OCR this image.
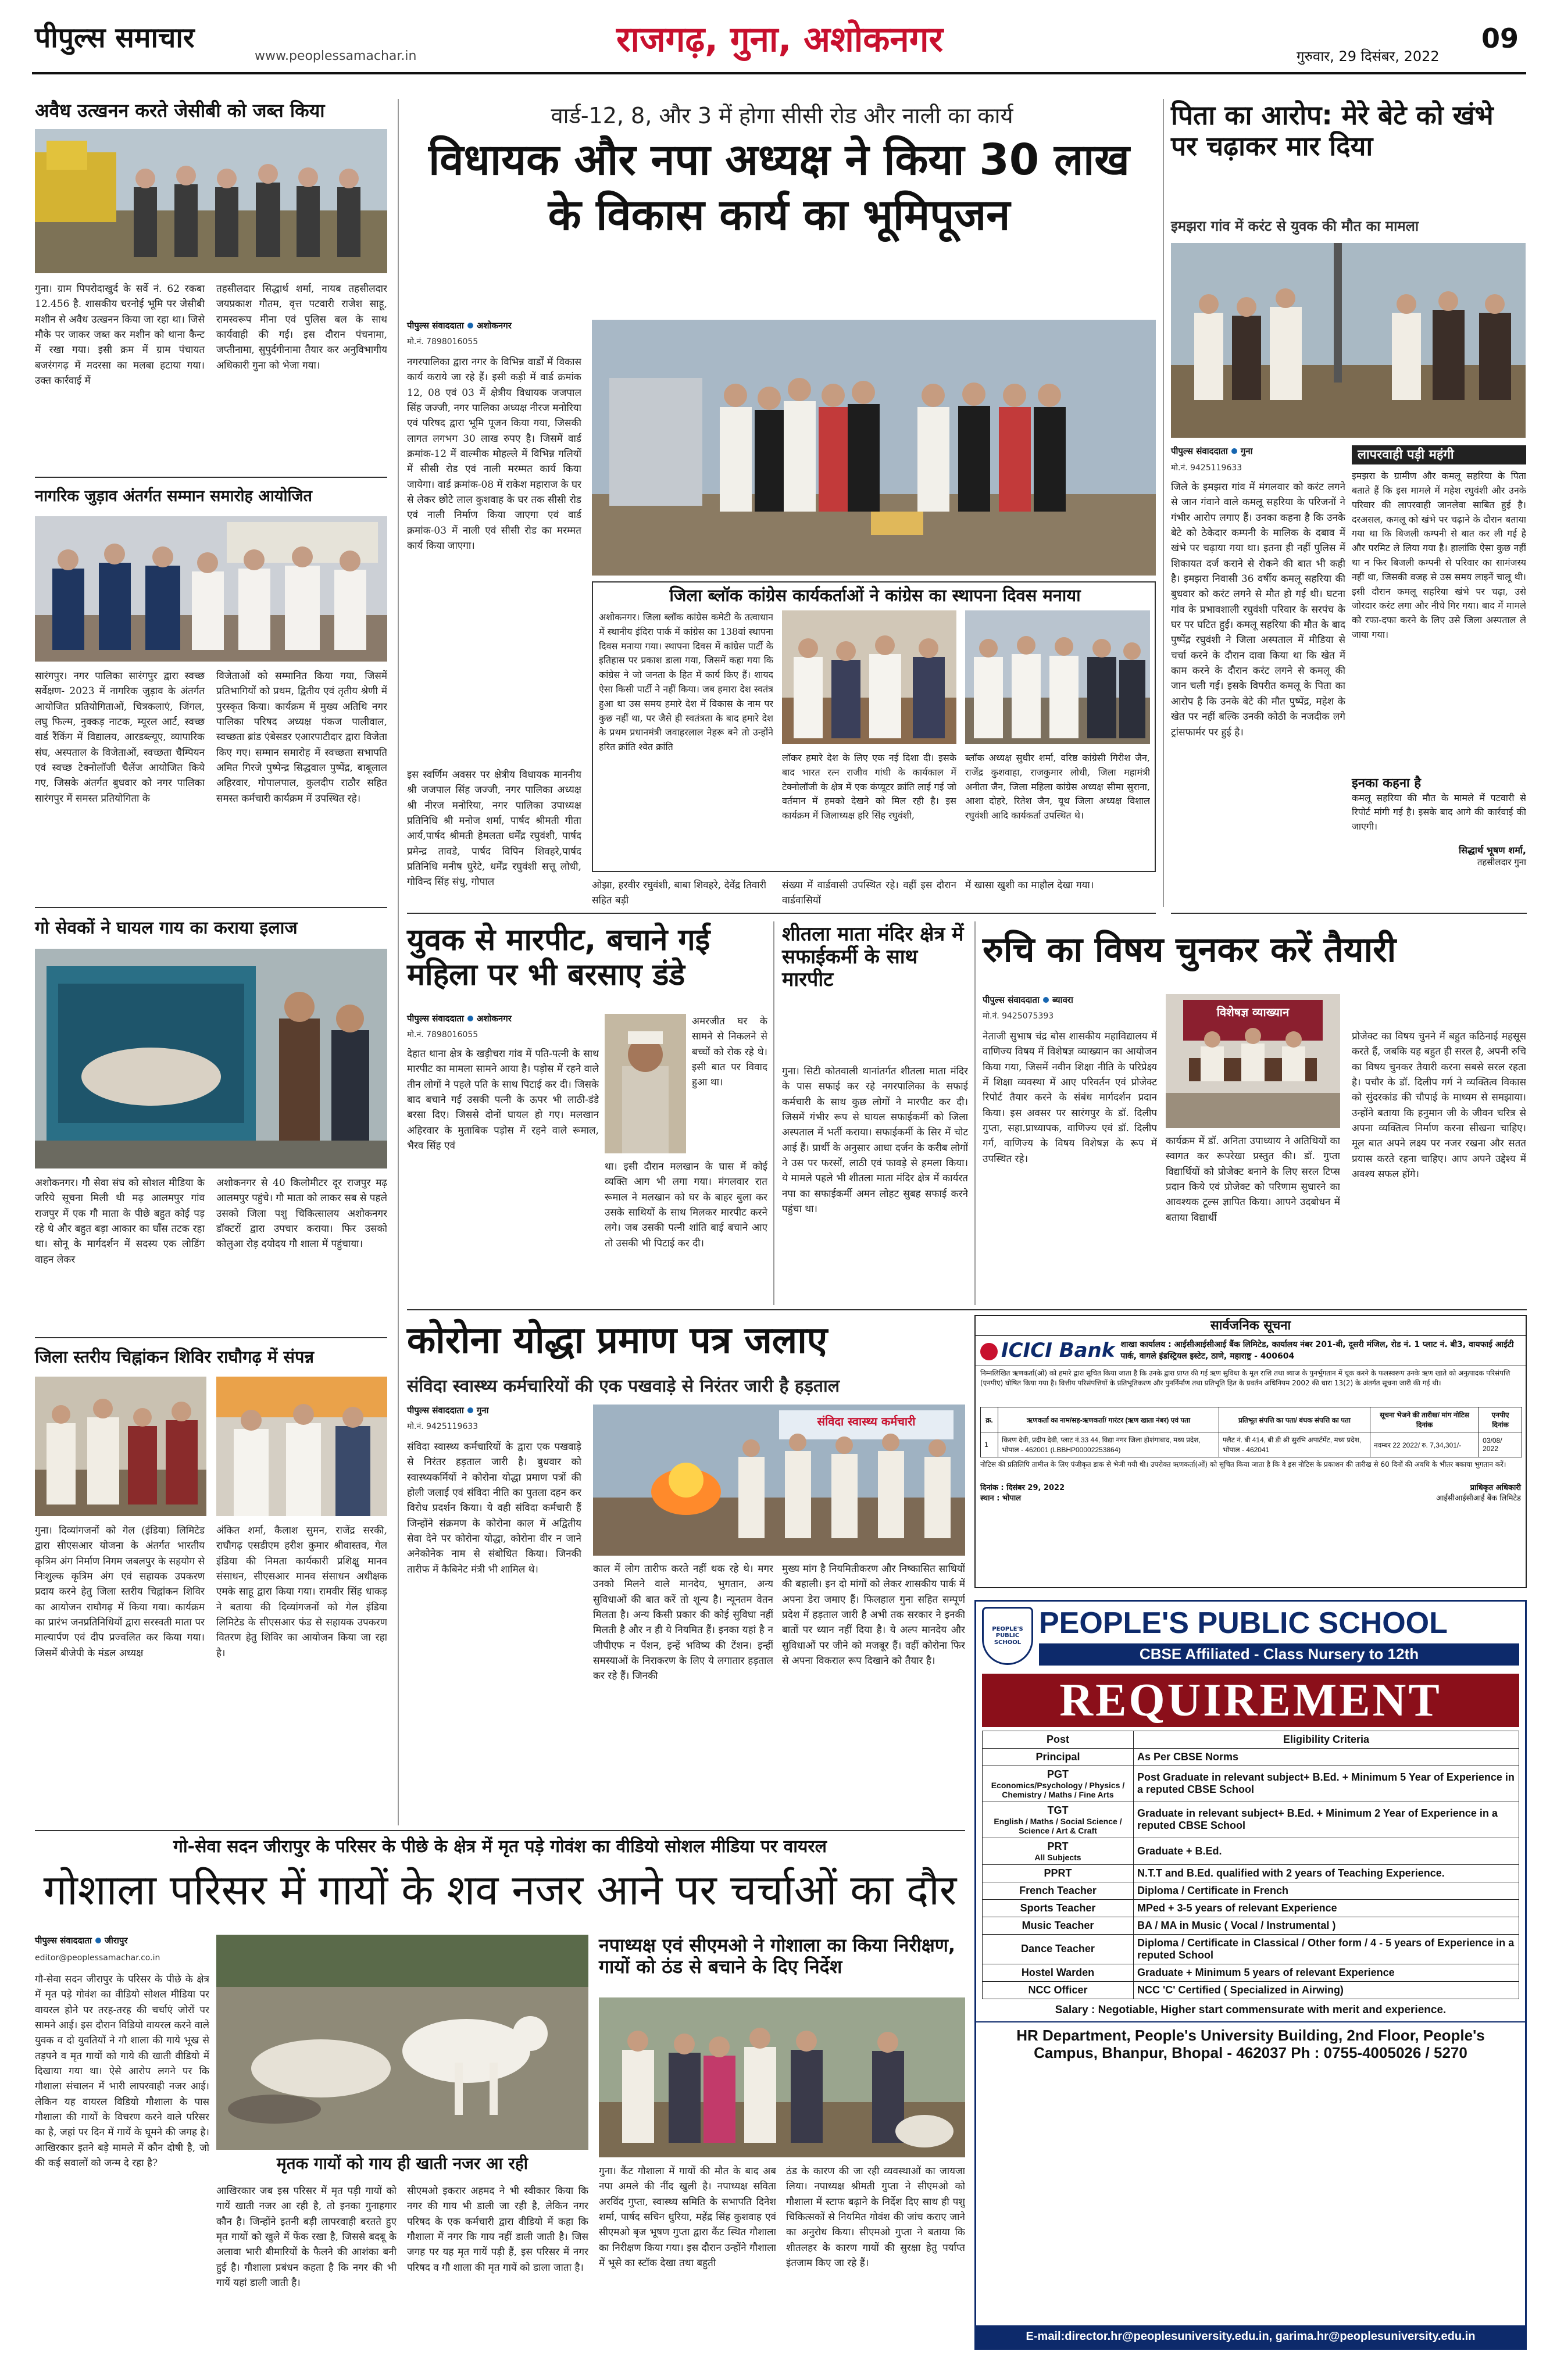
पीपुल्स समाचार
www.peoplessamachar.in	राजगढ़, गुना, अशोकनगर	गुरुवार, 29 दिसंबर, 2022
09
अवैध उत्खनन करते जेसीबी को जब्त किया
गुना। ग्राम पिपरोदाखुर्द के सर्वे नं. 62 रकबा 12.456 है. शासकीय चरनोई भूमि पर जेसीबी मशीन से अवैध उत्खनन किया जा रहा था। जिसे मौके पर जाकर जब्त कर मशीन को थाना कैन्ट में रखा गया। इसी क्रम में ग्राम पंचायत बजरंगगढ़ में मदरसा का मलबा हटाया गया। उक्त कार्रवाई में
तहसीलदार सिद्धार्थ शर्मा, नायब तहसीलदार जयप्रकाश गौतम, वृत्त पटवारी राजेश साहू, रामस्वरूप मीना एवं पुलिस बल के साथ कार्यवाही की गई। इस दौरान पंचनामा, जप्तीनामा, सुपुर्दगीनामा तैयार कर अनुविभागीय अधिकारी गुना को भेजा गया।
नागरिक जुड़ाव अंतर्गत सम्मान समारोह आयोजित
सारंगपुर। नगर पालिका सारंगपुर द्वारा स्वच्छ सर्वेक्षण- 2023 में नागरिक जुड़ाव के अंतर्गत आयोजित प्रतियोगिताओं, चित्रकलाएं, जिंगल, लघु फिल्म, नुक्कड़ नाटक, म्यूरल आर्ट, स्वच्छ वार्ड रैंकिंग में विद्यालय, आरडब्ल्यूए, व्यापारिक संघ, अस्पताल के विजेताओं, स्वच्छता चैम्पियन एवं स्वच्छ टेक्नोलॉजी चैलेंज आयोजित किये गए, जिसके अंतर्गत बुधवार को नगर पालिका सारंगपुर में समस्त प्रतियोगिता के
विजेताओं को सम्मानित किया गया, जिसमें प्रतिभागियों को प्रथम, द्वितीय एवं तृतीय श्रेणी में पुरस्कृत किया। कार्यक्रम में मुख्य अतिथि नगर पालिका परिषद अध्यक्ष पंकज पालीवाल, स्वच्छता ब्रांड एंबेसडर एआरपाटीदार द्वारा विजेता किए गए। सम्मान समारोह में स्वच्छता सभापति अमित गिरजे पुष्पेन्द्र सिद्धवाल पुष्पेंद्र, बाबूलाल अहिरवार, गोपालपाल, कुलदीप राठौर सहित समस्त कर्मचारी कार्यक्रम में उपस्थित रहे।
गो सेवकों ने घायल गाय का कराया इलाज
अशोकनगर। गौ सेवा संघ को सोशल मीडिया के जरिये सूचना मिली थी मढ़ आलमपुर गांव राजपुर में एक गौ माता के पीछे बहुत कोई पड़ रहे थे और बहुत बड़ा आकार का घाँस तटक रहा था। सोनू के मार्गदर्शन में सदस्य एक लोडिंग वाहन लेकर
अशोकनगर से 40 किलोमीटर दूर राजपुर मढ़ आलमपुर पहुंचे। गौ माता को लाकर सब से पहले उसको जिला पशु चिकित्सालय अशोकनगर डॉक्टरों द्वारा उपचार कराया। फिर उसको कोलुआ रोड़ दयोदय गौ शाला में पहुंचाया।
जिला स्तरीय चिह्नांकन शिविर राघौगढ़ में संपन्न
गुना। दिव्यांगजनों को गेल (इंडिया) लिमिटेड द्वारा सीएसआर योजना के अंतर्गत भारतीय कृत्रिम अंग निर्माण निगम जबलपुर के सहयोग से निःशुल्क कृत्रिम अंग एवं सहायक उपकरण प्रदाय करने हेतु जिला स्तरीय चिह्नांकन शिविर का आयोजन राघौगढ़ में किया गया। कार्यक्रम का प्रारंभ जनप्रतिनिधियों द्वारा सरस्वती माता पर माल्यार्पण एवं दीप प्रज्वलित कर किया गया। जिसमें बीजेपी के मंडल अध्यक्ष
अंकित शर्मा, कैलाश सुमन, राजेंद्र सरकी, राघौगढ़ एसडीएम हरीश कुमार श्रीवास्तव, गेल इंडिया की निमता कार्यकारी प्रशिक्षु मानव संसाधन, सीएसआर मानव संसाधन अधीक्षक एमके साहू द्वारा किया गया। रामवीर सिंह धाकड़ ने बताया की दिव्यांगजनों को गेल इंडिया लिमिटेड के सीएसआर फंड से सहायक उपकरण वितरण हेतु शिविर का आयोजन किया जा रहा है।
वार्ड-12, 8, और 3 में होगा सीसी रोड और नाली का कार्य
विधायक और नपा अध्यक्ष ने किया 30 लाख के विकास कार्य का भूमिपूजन
पीपुल्स संवाददाता अशोकनगर
मो.नं. 7898016055
नगरपालिका द्वारा नगर के विभिन्न वार्डों में विकास कार्य कराये जा रहे हैं। इसी कड़ी में वार्ड क्रमांक 12, 08 एवं 03 में क्षेत्रीय विधायक जजपाल सिंह जज्जी, नगर पालिका अध्यक्ष नीरज मनोरिया एवं परिषद द्वारा भूमि पूजन किया गया, जिसकी लागत लगभग 30 लाख रुपए है। जिसमें वार्ड क्रमांक-12 में वाल्मीक मोहल्ले में विभिन्न गलियों में सीसी रोड एवं नाली मरम्मत कार्य किया जायेगा। वार्ड क्रमांक-08 में राकेश महाराज के घर से लेकर छोटे लाल कुशवाह के घर तक सीसी रोड एवं नाली निर्माण किया जाएगा एवं वार्ड क्रमांक-03 में नाली एवं सीसी रोड का मरम्मत कार्य किया जाएगा।
जिला ब्लॉक कांग्रेस कार्यकर्ताओं ने कांग्रेस का स्थापना दिवस मनाया
अशोकनगर। जिला ब्लॉक कांग्रेस कमेटी के तत्वाधान में स्थानीय इंदिरा पार्क में कांग्रेस का 138वां स्थापना दिवस मनाया गया। स्थापना दिवस में कांग्रेस पार्टी के इतिहास पर प्रकाश डाला गया, जिसमें कहा गया कि कांग्रेस ने जो जनता के हित में कार्य किए हैं। शायद ऐसा किसी पार्टी ने नहीं किया। जब हमारा देश स्वतंत्र हुआ था उस समय हमारे देश में विकास के नाम पर कुछ नहीं था, पर जैसे ही स्वतंत्रता के बाद हमारे देश के प्रथम प्रधानमंत्री जवाहरलाल नेहरू बने तो उन्होंने हरित क्रांति श्वेत क्रांति
लॉकर हमारे देश के लिए एक नई दिशा दी। इसके बाद भारत रत्न राजीव गांधी के कार्यकाल में टेक्नोलॉजी के क्षेत्र में एक कंप्यूटर क्रांति लाई गई जो वर्तमान में हमको देखने को मिल रही है। इस कार्यक्रम में जिलाध्यक्ष हरि सिंह रघुवंशी,
ब्लॉक अध्यक्ष सुधीर शर्मा, वरिष्ठ कांग्रेसी गिरीश जैन, राजेंद्र कुशवाहा, राजकुमार लोधी, जिला महामंत्री अनीता जैन, जिला महिला कांग्रेस अध्यक्ष सीमा सुराना, आशा दोहरे, रितेश जैन, यूथ जिला अध्यक्ष विशाल रघुवंशी आदि कार्यकर्ता उपस्थित थे।
ओझा, हरवीर रघुवंशी, बाबा शिवहरे, देवेंद्र तिवारी सहित बड़ी
संख्या में वार्डवासी उपस्थित रहे। वहीं इस दौरान वार्डवासियों
में खासा खुशी का माहौल देखा गया।
पिता का आरोप: मेरे बेटे को खंभे पर चढ़ाकर मार दिया
इमझरा गांव में करंट से युवक की मौत का मामला
पीपुल्स संवाददाता गुना
मो.नं. 9425119633
जिले के इमझरा गांव में मंगलवार को करंट लगने से जान गंवाने वाले कमलू सहरिया के परिजनों ने गंभीर आरोप लगाए हैं। उनका कहना है कि उनके बेटे को ठेकेदार कम्पनी के मालिक के दबाव में खंभे पर चढ़ाया गया था। इतना ही नहीं पुलिस में शिकायत दर्ज कराने से रोकने की बात भी कही है। इमझरा निवासी 36 वर्षीय कमलू सहरिया की बुधवार को करंट लगने से मौत हो गई थी। घटना गांव के प्रभावशाली रघुवंशी परिवार के सरपंच के घर पर घटित हुई। कमलू सहरिया की मौत के बाद पुष्पेंद्र रघुवंशी ने जिला अस्पताल में मीडिया से चर्चा करने के दौरान दावा किया था कि खेत में काम करने के दौरान करंट लगने से कमलू की जान चली गई। इसके विपरीत कमलू के पिता का आरोप है कि उनके बेटे की मौत पुष्पेंद्र, महेश के खेत पर नहीं बल्कि उनकी कोठी के नजदीक लगे ट्रांसफार्मर पर हुई है।
लापरवाही पड़ी महंगी
इमझरा के ग्रामीण और कमलू सहरिया के पिता बताते हैं कि इस मामले में महेश रघुवंशी और उनके परिवार की लापरवाही जानलेवा साबित हुई है। दरअसल, कमलू को खंभे पर चढ़ाने के दौरान बताया गया था कि बिजली कम्पनी से बात कर ली गई है और परमिट ले लिया गया है। हालांकि ऐसा कुछ नहीं था न फिर बिजली कम्पनी से परिवार का सामंजस्य नहीं था, जिसकी वजह से उस समय लाइनें चालू थी। इसी दौरान कमलू सहरिया खंभे पर चढ़ा, उसे जोरदार करंट लगा और नीचे गिर गया। बाद में मामले को रफा-दफा करने के लिए उसे जिला अस्पताल ले जाया गया।
इनका कहना है
कमलू सहरिया की मौत के मामले में पटवारी से रिपोर्ट मांगी गई है। इसके बाद आगे की कार्रवाई की जाएगी।
सिद्धार्थ भूषण शर्मा,
तहसीलदार गुना
युवक से मारपीट, बचाने गई महिला पर भी बरसाए डंडे
पीपुल्स संवाददाता अशोकनगर
मो.नं. 7898016055
अमरजीत घर के सामने से निकलने से बच्चों को रोक रहे थे। इसी बात पर विवाद हुआ था।
देहात थाना क्षेत्र के खड़ीचरा गांव में पति-पत्नी के साथ मारपीट का मामला सामने आया है। पड़ोस में रहने वाले तीन लोगों ने पहले पति के साथ पिटाई कर दी। जिसके बाद बचाने गई उसकी पत्नी के ऊपर भी लाठी-डंडे बरसा दिए। जिससे दोनों घायल हो गए। मलखान अहिरवार के मुताबिक पड़ोस में रहने वाले रूमाल, भैरव सिंह एवं
था। इसी दौरान मलखान के घास में कोई व्यक्ति आग भी लगा गया। मंगलवार रात रूमाल ने मलखान को घर के बाहर बुला कर उसके साथियों के साथ मिलकर मारपीट करने लगे। जब उसकी पत्नी शांति बाई बचाने आए तो उसकी भी पिटाई कर दी।
शीतला माता मंदिर क्षेत्र में सफाईकर्मी के साथ मारपीट
गुना। सिटी कोतवाली थानांतर्गत शीतला माता मंदिर के पास सफाई कर रहे नगरपालिका के सफाई कर्मचारी के साथ कुछ लोगों ने मारपीट कर दी। जिसमें गंभीर रूप से घायल सफाईकर्मी को जिला अस्पताल में भर्ती कराया। सफाईकर्मी के सिर में चोट आई हैं। प्रार्थी के अनुसार आधा दर्जन के करीब लोगों ने उस पर फरसों, लाठी एवं फावड़े से हमला किया। ये मामले पहले भी शीतला माता मंदिर क्षेत्र में कार्यरत नपा का सफाईकर्मी अमन लोहट सुबह सफाई करने पहुंचा था।
रुचि का विषय चुनकर करें तैयारी
पीपुल्स संवाददाता ब्यावरा
मो.नं. 9425075393
नेताजी सुभाष चंद्र बोस शासकीय महाविद्यालय में वाणिज्य विषय में विशेषज्ञ व्याख्यान का आयोजन किया गया, जिसमें नवीन शिक्षा नीति के परिप्रेक्ष्य में शिक्षा व्यवस्था में आए परिवर्तन एवं प्रोजेक्ट रिपोर्ट तैयार करने के संबंध मार्गदर्शन प्रदान किया। इस अवसर पर सारंगपुर के डॉ. दिलीप गुप्ता, सहा.प्राध्यापक, वाणिज्य एवं डॉ. दिलीप गर्ग, वाणिज्य के विषय विशेषज्ञ के रूप में उपस्थित रहे।
विशेषज्ञ व्याख्यान
कार्यक्रम में डॉ. अनिता उपाध्याय ने अतिथियों का स्वागत कर रूपरेखा प्रस्तुत की। डॉ. गुप्ता विद्यार्थियों को प्रोजेक्ट बनाने के लिए सरल टिप्स प्रदान किये एवं प्रोजेक्ट को परिणाम सुधारने का आवश्यक टूल्स ज्ञापित किया। आपने उदबोधन में बताया विद्यार्थी
प्रोजेक्ट का विषय चुनने में बहुत कठिनाई महसूस करते हैं, जबकि यह बहुत ही सरल है, अपनी रुचि का विषय चुनकर तैयारी करना सबसे सरल रहता है। पचौर के डॉ. दिलीप गर्ग ने व्यक्तित्व विकास को सुंदरकांड की चौपाई के माध्यम से समझाया। उन्होंने बताया कि हनुमान जी के जीवन चरित्र से अपना व्यक्तित्व निर्माण करना सीखना चाहिए। मूल बात अपने लक्ष्य पर नजर रखना और सतत प्रयास करते रहना चाहिए। आप अपने उद्देश्य में अवश्य सफल होंगे।
कोरोना योद्धा प्रमाण पत्र जलाए
संविदा स्वास्थ्य कर्मचारियों की एक पखवाड़े से निरंतर जारी है हड़ताल
पीपुल्स संवाददाता गुना
मो.नं. 9425119633
संविदा स्वास्थ्य कर्मचारियों के द्वारा एक पखवाड़े से निरंतर हड़ताल जारी है। बुधवार को स्वास्थ्यकर्मियों ने कोरोना योद्धा प्रमाण पत्रों की होली जलाई एवं संविदा नीति का पुतला दहन कर विरोध प्रदर्शन किया। ये वही संविदा कर्मचारी हैं जिन्होंने संक्रमण के कोरोना काल में अद्वितीय सेवा देने पर कोरोना योद्धा, कोरोना वीर न जाने अनेकोनेक नाम से संबोधित किया। जिनकी तारीफ में कैबिनेट मंत्री भी शामिल थे।
संविदा स्वास्थ्य कर्मचारी
काल में लोग तारीफ करते नहीं थक रहे थे। मगर उनको मिलने वाले मानदेय, भुगतान, अन्य सुविधाओं की बात करें तो शून्य है। न्यूनतम वेतन मिलता है। अन्य किसी प्रकार की कोई सुविधा नहीं मिलती है और न ही ये नियमित हैं। इनका यहां है न जीपीएफ न पेंशन, इन्हें भविष्य की टेंशन। इन्हीं समस्याओं के निराकरण के लिए ये लगातार हड़ताल कर रहे हैं। जिनकी
मुख्य मांग है नियमितीकरण और निष्कासित साथियों की बहाली। इन दो मांगों को लेकर शासकीय पार्क में अपना डेरा जमाए हैं। फिलहाल गुना सहित सम्पूर्ण प्रदेश में हड़ताल जारी है अभी तक सरकार ने इनकी बातों पर ध्यान नहीं दिया है। ये अल्प मानदेय और सुविधाओं पर जीने को मजबूर हैं। वहीं कोरोना फिर से अपना विकराल रूप दिखाने को तैयार है।
सार्वजनिक सूचना
ICICI Bank शाखा कार्यालय : आईसीआईसीआई बैंक लिमिटेड, कार्यालय नंबर 201-बी, दूसरी मंजिल, रोड नं. 1 प्लाट नं. बी3, वायफाई आईटी पार्क, वागले इंडस्ट्रियल इस्टेट, ठाणे, महाराष्ट्र - 400604
निम्नलिखित ऋणकर्ता(ओं) को हमारे द्वारा सूचित किया जाता है कि उनके द्वारा प्राप्त की गई ऋण सुविधा के मूल राशि तथा ब्याज के पुनर्भुगतान में चूक करने के फलस्वरूप उनके ऋण खाते को अनुत्पादक परिसंपत्ति (एनपीए) घोषित किया गया है। वित्तीय परिसंपत्तियों के प्रतिभूतिकरण और पुनर्निर्माण तथा प्रतिभूति हित के प्रवर्तन अधिनियम 2002 की धारा 13(2) के अंतर्गत सूचना जारी की गई थी।
क्र.	ऋणकर्ता का नाम/सह-ऋणकर्ता/ गारंटर (ऋण खाता नंबर) एवं पता	प्रतिभूत संपत्ति का पता/ बंधक संपत्ति का पता	सूचना भेजने की तारीख/ मांग नोटिस दिनांक	एनपीए दिनांक
1	किरण देवी, प्रदीप देवी, प्लाट नं.33 44, विद्या नगर जिला होशंगाबाद, मध्य प्रदेश, भोपाल - 462001 (LBBHP00002253864)	फ्लैट नं. बी 414, बी डी श्री सुरभि अपार्टमेंट, मध्य प्रदेश, भोपाल - 462041	नवम्बर 22 2022/ रु. 7,34,301/-	03/08/ 2022
नोटिस की प्रतिलिपि तामील के लिए पंजीकृत डाक से भेजी गयी थी। उपरोक्त ऋणकर्ता(ओं) को सूचित किया जाता है कि वे इस नोटिस के प्रकाशन की तारीख से 60 दिनों की अवधि के भीतर बकाया भुगतान करें।
दिनांक : दिसंबर 29, 2022
स्थान : भोपाल
प्राधिकृत अधिकारी
आईसीआईसीआई बैंक लिमिटेड
PEOPLE'S PUBLIC SCHOOL
PEOPLE'S PUBLIC SCHOOL
CBSE Affiliated - Class Nursery to 12th
REQUIREMENT
Post	Eligibility Criteria

Principal	As Per CBSE Norms

PGT
Economics/Psychology / Physics / Chemistry / Maths / Fine Arts	Post Graduate in relevant subject+ B.Ed. + Minimum 5 Year of Experience in a reputed CBSE School

TGT
English / Maths / Social Science / Science / Art & Craft	Graduate in relevant subject+ B.Ed. + Minimum 2 Year of Experience in a reputed CBSE School

PRT
All Subjects	Graduate + B.Ed.

PPRT	N.T.T and B.Ed. qualified with 2 years of Teaching Experience.

French Teacher	Diploma / Certificate in French

Sports Teacher	MPed + 3-5 years of relevant Experience

Music Teacher	BA / MA in Music ( Vocal / Instrumental )

Dance Teacher	Diploma / Certificate in Classical / Other form / 4 - 5 years of Experience in a reputed School

Hostel Warden	Graduate + Minimum 5 years of relevant Experience

NCC Officer	NCC 'C' Certified ( Specialized in Airwing)
Salary : Negotiable, Higher start commensurate with merit and experience.
HR Department, People's University Building, 2nd Floor, People's Campus, Bhanpur, Bhopal - 462037 Ph : 0755-4005026 / 5270
E-mail:director.hr@peoplesuniversity.edu.in, garima.hr@peoplesuniversity.edu.in
गो-सेवा सदन जीरापुर के परिसर के पीछे के क्षेत्र में मृत पड़े गोवंश का वीडियो सोशल मीडिया पर वायरल
गोशाला परिसर में गायों के शव नजर आने पर चर्चाओं का दौर
पीपुल्स संवाददाता जीरापुर
editor@peoplessamachar.co.in
गौ-सेवा सदन जीरापुर के परिसर के पीछे के क्षेत्र में मृत पड़े गोवंश का वीडियो सोशल मीडिया पर वायरल होने पर तरह-तरह की चर्चाएं जोरों पर सामने आई। इस दौरान विडियो वायरल करने वाले युवक व दो युवतियों ने गौ शाला की गाये भूख से तड़पने व मृत गायों को गाये की खाती वीडियो में दिखाया गया था। ऐसे आरोप लगने पर कि गौशाला संचालन में भारी लापरवाही नजर आई। लेकिन यह वायरल विडियो गौशाला के पास गौशाला की गायों के विचरण करने वाले परिसर का है, जहां पर दिन में गायें के घूमने की जगह है। आखिरकार इतने बड़े मामले में कौन दोषी है, जो की कई सवालों को जन्म दे रहा है?	मृतक गायों को गाय ही खाती नजर आ रही
आखिरकार जब इस परिसर में मृत पड़ी गायों को गायें खाती नजर आ रही है, तो इनका गुनाहगार कौन है। जिन्होंने इतनी बड़ी लापरवाही बरतते हुए मृत गायों को खुले में फेंक रखा है, जिससे बदबू के अलावा भारी बीमारियों के फैलने की आशंका बनी हुई है। गौशाला प्रबंधन कहता है कि नगर की भी गायें यहां डाली जाती है।
सीएमओ इकरार अहमद ने भी स्वीकार किया कि नगर की गाय भी डाली जा रही है, लेकिन नगर परिषद के एक कर्मचारी द्वारा वीडियो में कहा कि गौशाला में नगर कि गाय नहीं डाली जाती है। जिस जगह पर यह मृत गायें पड़ी हैं, इस परिसर में नगर परिषद व गौ शाला की मृत गायें को डाला जाता है।
नपाध्यक्ष एवं सीएमओ ने गोशाला का किया निरीक्षण, गायों को ठंड से बचाने के दिए निर्देश
गुना। कैंट गौशाला में गायों की मौत के बाद अब नपा अमले की नींद खुली है। नपाध्यक्ष सविता अरविंद गुप्ता, स्वास्थ्य समिति के सभापति दिनेश शर्मा, पार्षद सचिन धुरिया, महेंद्र सिंह कुशवाह एवं सीएमओ बृज भूषण गुप्ता द्वारा कैंट स्थित गौशाला का निरीक्षण किया गया। इस दौरान उन्होंने गौशाला में भूसे का स्टॉक देखा तथा बहुती
ठंड के कारण की जा रही व्यवस्थाओं का जायजा लिया। नपाध्यक्ष श्रीमती गुप्ता ने सीएमओ को गौशाला में स्टाफ बढ़ाने के निर्देश दिए साथ ही पशु चिकित्सकों से नियमित गोवंश की जांच कराए जाने का अनुरोध किया। सीएमओ गुप्ता ने बताया कि शीतलहर के कारण गायों की सुरक्षा हेतु पर्याप्त इंतजाम किए जा रहे हैं।
इस स्वर्णिम अवसर पर क्षेत्रीय विधायक माननीय श्री जजपाल सिंह जज्जी, नगर पालिका अध्यक्ष श्री नीरज मनोरिया, नगर पालिका उपाध्यक्ष प्रतिनिधि श्री मनोज शर्मा, पार्षद श्रीमती गीता आर्य,पार्षद श्रीमती हेमलता धर्मेंद्र रघुवंशी, पार्षद प्रमेन्द्र तावडे, पार्षद विपिन शिवहरे,पार्षद प्रतिनिधि मनीष घुरेटे, धर्मेंद्र रघुवंशी सत्तू लोधी, गोविन्द सिंह संधु, गोपाल
